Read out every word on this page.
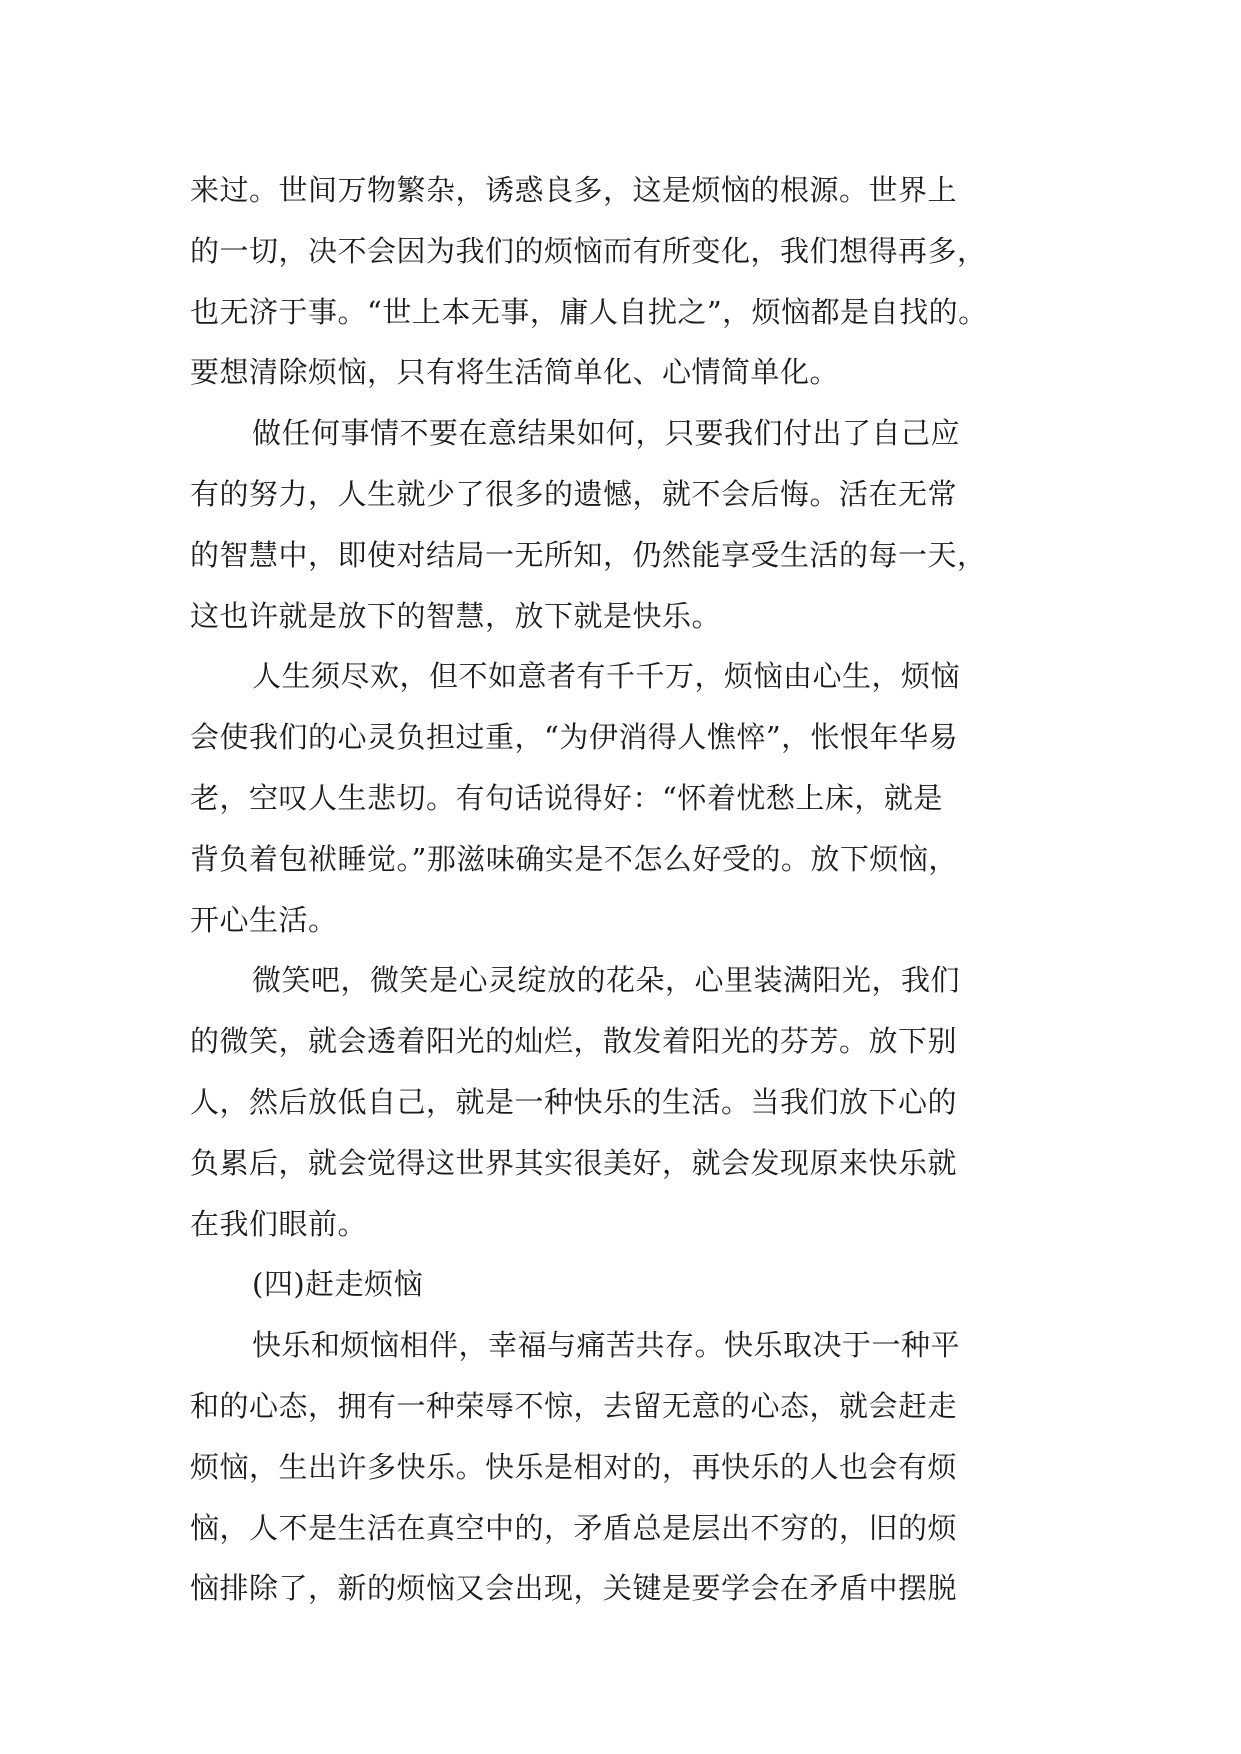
来过。世间万物繁杂，诱惑良多，这是烦恼的根源。世界上
的一切，决不会因为我们的烦恼而有所变化，我们想得再多，
也无济于事。“世上本无事，庸人自扰之”，烦恼都是自找的。
要想清除烦恼，只有将生活简单化、心情简单化。
做任何事情不要在意结果如何，只要我们付出了自己应
有的努力，人生就少了很多的遗憾，就不会后悔。活在无常
的智慧中，即使对结局一无所知，仍然能享受生活的每一天，
这也许就是放下的智慧，放下就是快乐。
人生须尽欢，但不如意者有千千万，烦恼由心生，烦恼
会使我们的心灵负担过重，“为伊消得人憔悴”，怅恨年华易
老，空叹人生悲切。有句话说得好：“怀着忧愁上床，就是
背负着包袱睡觉。”那滋味确实是不怎么好受的。放下烦恼，
开心生活。
微笑吧，微笑是心灵绽放的花朵，心里装满阳光，我们
的微笑，就会透着阳光的灿烂，散发着阳光的芬芳。放下别
人，然后放低自己，就是一种快乐的生活。当我们放下心的
负累后，就会觉得这世界其实很美好，就会发现原来快乐就
在我们眼前。
(四)赶走烦恼
快乐和烦恼相伴，幸福与痛苦共存。快乐取决于一种平
和的心态，拥有一种荣辱不惊，去留无意的心态，就会赶走
烦恼，生出许多快乐。快乐是相对的，再快乐的人也会有烦
恼，人不是生活在真空中的，矛盾总是层出不穷的，旧的烦
恼排除了，新的烦恼又会出现，关键是要学会在矛盾中摆脱
